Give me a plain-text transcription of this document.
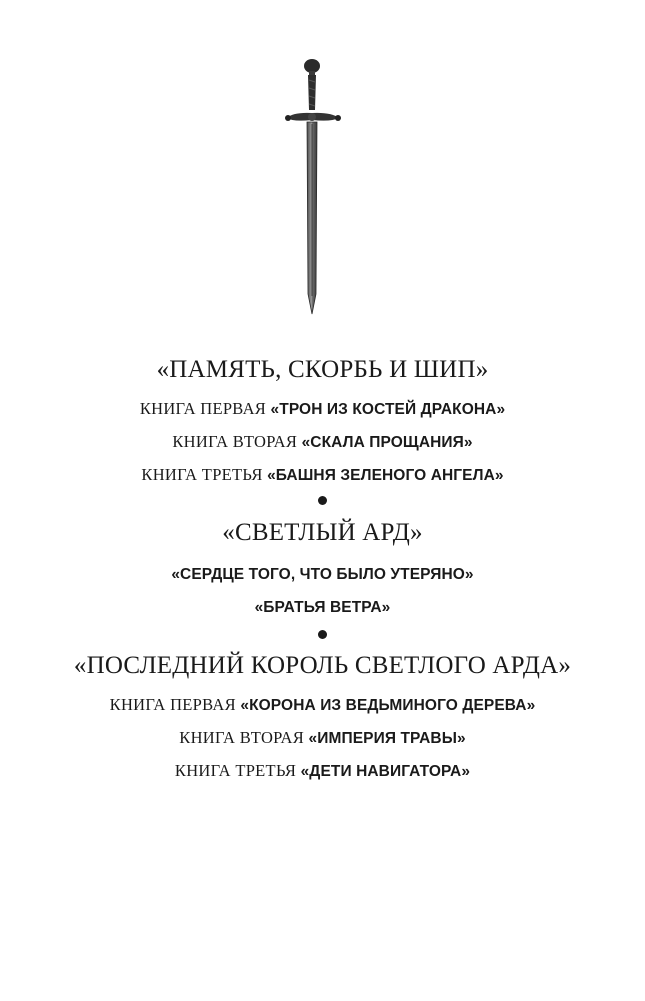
«ПАМЯТЬ, СКОРБЬ И ШИП»

КНИГА ПЕРВАЯ «ТРОН ИЗ КОСТЕЙ ДРАКОНА»

КНИГА ВТОРАЯ «СКАЛА ПРОЩАНИЯ»

КНИГА ТРЕТЬЯ «БАШНЯ ЗЕЛЕНОГО АНГЕЛА»

«СВЕТЛЫЙ АРД»

«СЕРДЦЕ ТОГО, ЧТО БЫЛО УТЕРЯНО»

«БРАТЬЯ ВЕТРА»

«ПОСЛЕДНИЙ КОРОЛЬ СВЕТЛОГО АРДА»

КНИГА ПЕРВАЯ «КОРОНА ИЗ ВЕДЬМИНОГО ДЕРЕВА»

КНИГА ВТОРАЯ «ИМПЕРИЯ ТРАВЫ»

КНИГА ТРЕТЬЯ «ДЕТИ НАВИГАТОРА»
